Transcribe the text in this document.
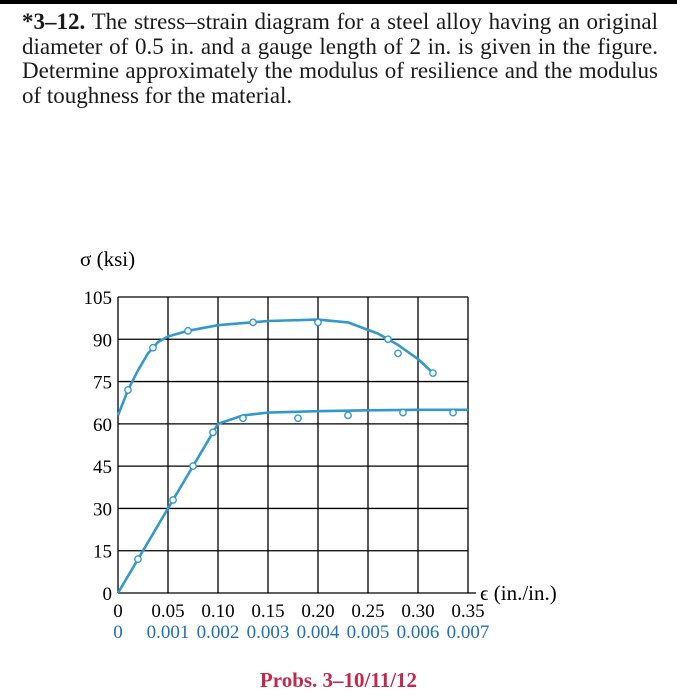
*3–12. The stress–strain diagram for a steel alloy having an original diameter of 0.5 in. and a gauge length of 2 in. is given in the figure. Determine approximately the modulus of resilience and the modulus of toughness for the material.

105
90
75
60
45
30
15
0
σ (ksi)
0 0.05 0.10 0.15 0.20 0.25 0.30 0.35
0 0.001 0.002 0.003 0.004 0.005 0.006 0.007
ϵ (in./in.)
Probs. 3–10/11/12
